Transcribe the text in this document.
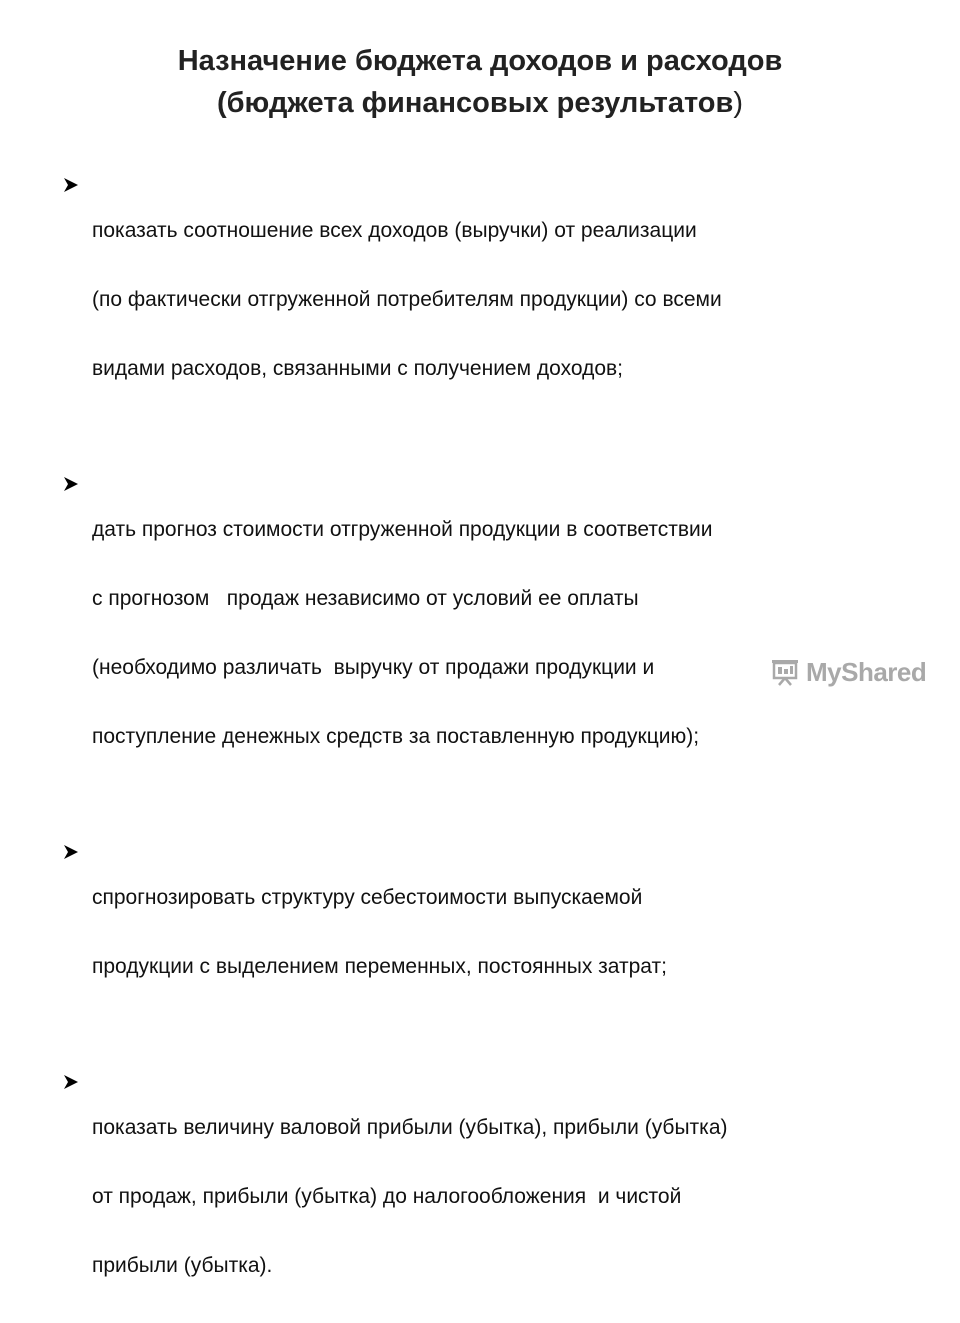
Назначение бюджета доходов и расходов
(бюджета финансовых результатов)

показать соотношение всех доходов (выручки) от реализации

(по фактически отгруженной потребителям продукции) со всеми

видами расходов, связанными с получением доходов;

дать прогноз стоимости отгруженной продукции в соответствии

с прогнозом   продаж независимо от условий ее оплаты

(необходимо различать  выручку от продажи продукции и

поступление денежных средств за поставленную продукцию);

спрогнозировать структуру себестоимости выпускаемой

продукции с выделением переменных, постоянных затрат;

показать величину валовой прибыли (убытка), прибыли (убытка)

от продаж, прибыли (убытка) до налогообложения  и чистой

прибыли (убытка).

MyShared
